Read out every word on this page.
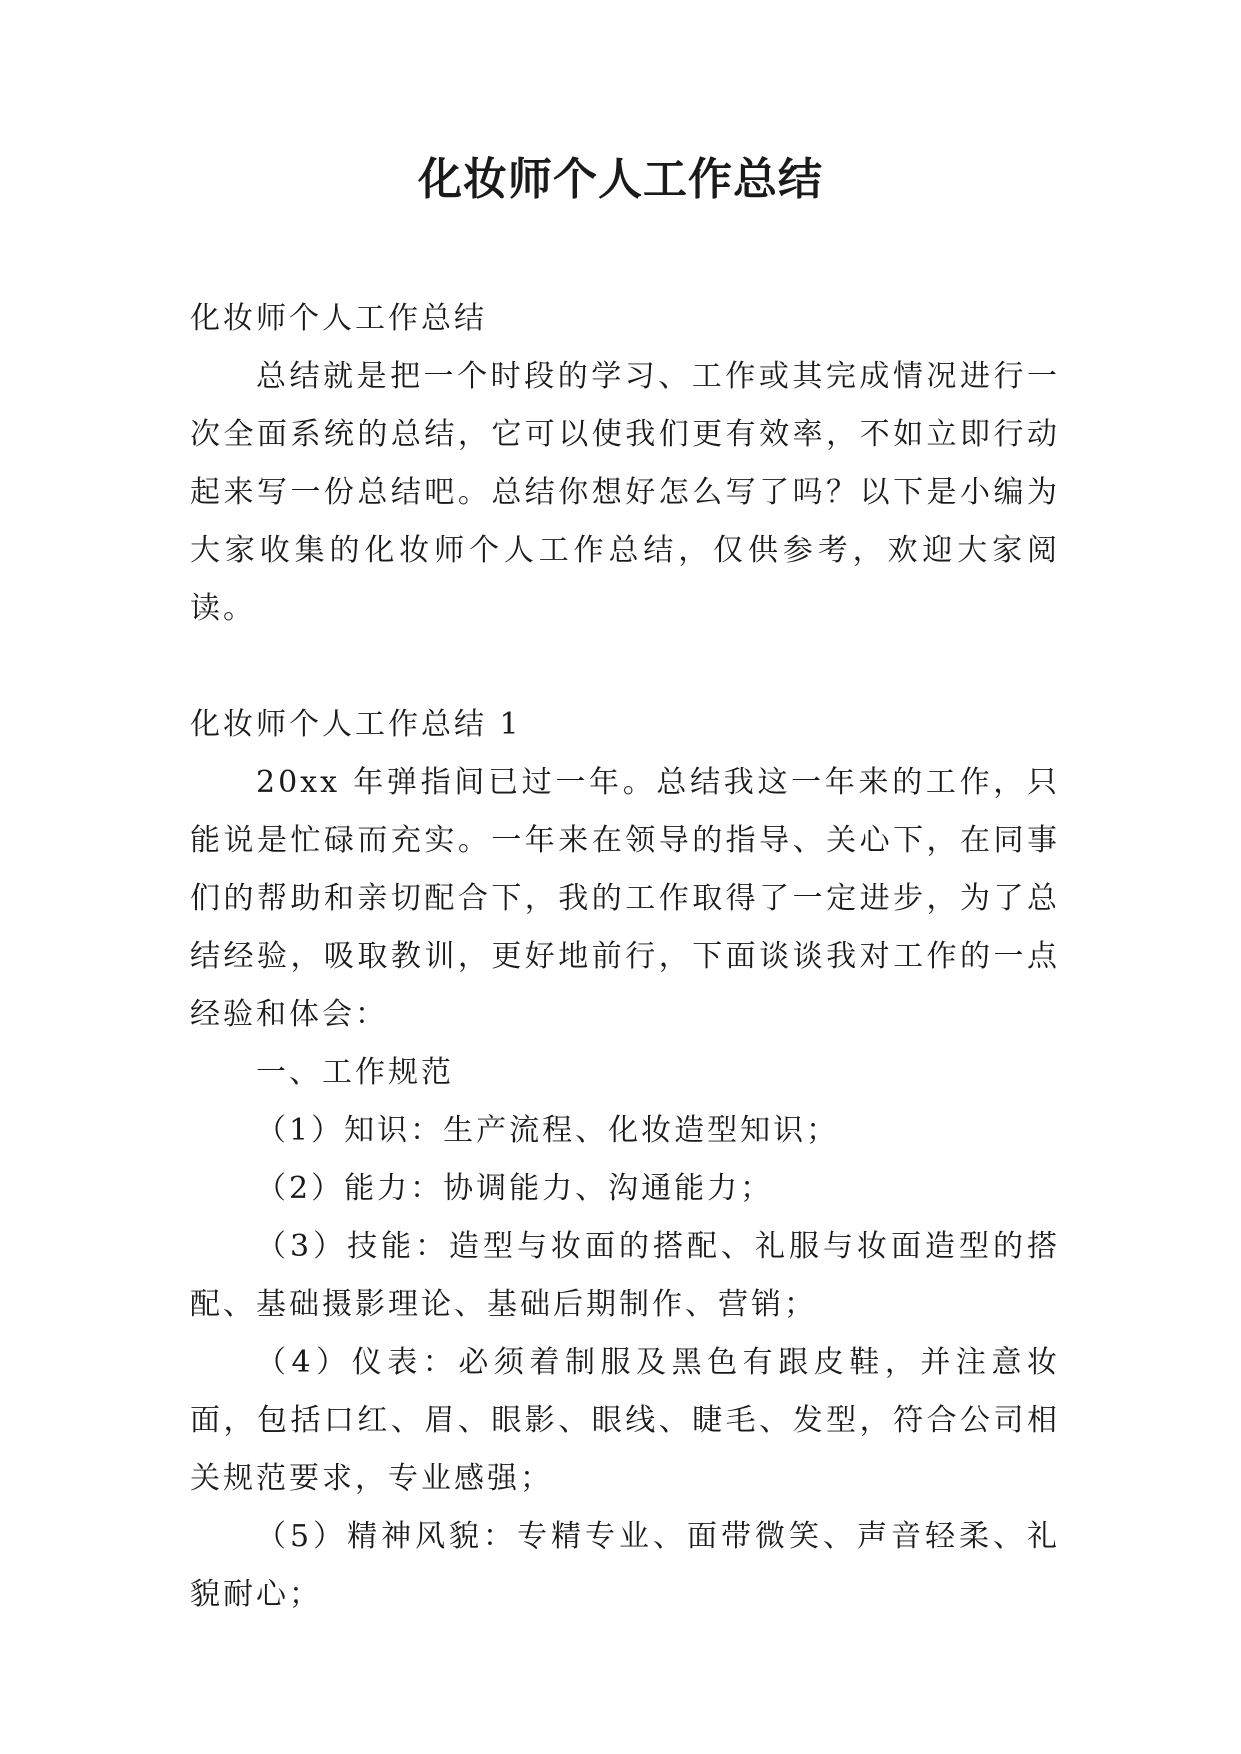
化妆师个人工作总结

化妆师个人工作总结

总结就是把一个时段的学习、工作或其完成情况进行一次全面系统的总结，它可以使我们更有效率，不如立即行动起来写一份总结吧。总结你想好怎么写了吗？以下是小编为大家收集的化妆师个人工作总结，仅供参考，欢迎大家阅读。

化妆师个人工作总结 1

20xx 年弹指间已过一年。总结我这一年来的工作，只能说是忙碌而充实。一年来在领导的指导、关心下，在同事们的帮助和亲切配合下，我的工作取得了一定进步，为了总结经验，吸取教训，更好地前行，下面谈谈我对工作的一点经验和体会：

一、工作规范

（1）知识：生产流程、化妆造型知识；

（2）能力：协调能力、沟通能力；

（3）技能：造型与妆面的搭配、礼服与妆面造型的搭配、基础摄影理论、基础后期制作、营销；

（4）仪表：必须着制服及黑色有跟皮鞋，并注意妆面，包括口红、眉、眼影、眼线、睫毛、发型，符合公司相关规范要求，专业感强；

（5）精神风貌：专精专业、面带微笑、声音轻柔、礼貌耐心；
